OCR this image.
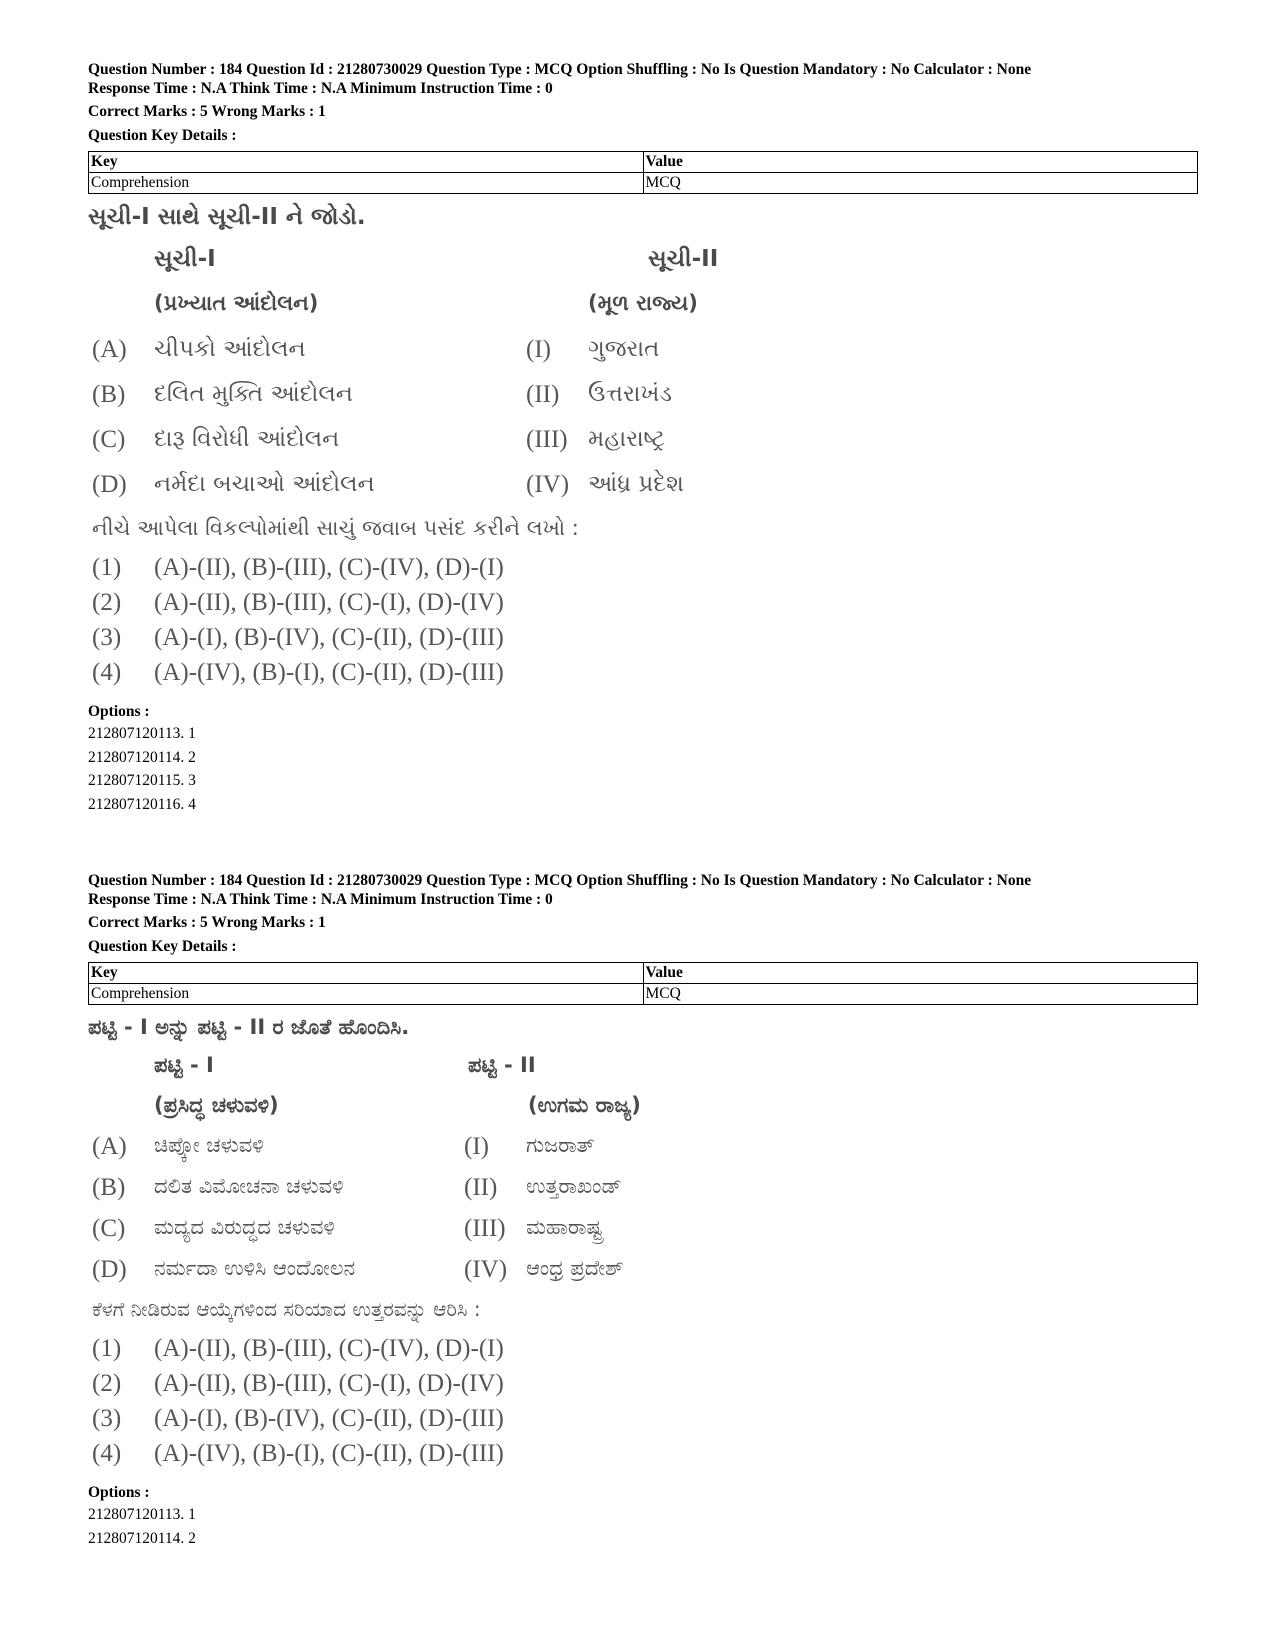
Question Number : 184 Question Id : 21280730029 Question Type : MCQ Option Shuffling : No Is Question Mandatory : No Calculator : None
Response Time : N.A Think Time : N.A Minimum Instruction Time : 0
Correct Marks : 5 Wrong Marks : 1
Question Key Details :
Key	Value
Comprehension	MCQ
સૂચી-I સાથે સૂચી-II ને જોડો.
સૂચી-I	સૂચી-II
(પ્રખ્યાત આંદોલન)	(મૂળ રાજ્ય)
(A) ચીપકો આંદોલન	(I) ગુજરાત
(B) દલિત મુક્તિ આંદોલન	(II) ઉત્તરાખંડ
(C) દારૂ વિરોધી આંદોલન	(III) મહારાષ્ટ્ર
(D) નર્મદા બચાઓ આંદોલન	(IV) આંધ્ર પ્રદેશ
નીચે આપેલા વિકલ્પોમાંથી સાચું જવાબ પસંદ કરીને લખો :
(1) (A)-(II), (B)-(III), (C)-(IV), (D)-(I)
(2) (A)-(II), (B)-(III), (C)-(I), (D)-(IV)
(3) (A)-(I), (B)-(IV), (C)-(II), (D)-(III)
(4) (A)-(IV), (B)-(I), (C)-(II), (D)-(III)
Options :
212807120113. 1
212807120114. 2
212807120115. 3
212807120116. 4
Question Number : 184 Question Id : 21280730029 Question Type : MCQ Option Shuffling : No Is Question Mandatory : No Calculator : None
Response Time : N.A Think Time : N.A Minimum Instruction Time : 0
Correct Marks : 5 Wrong Marks : 1
Question Key Details :
Key	Value
Comprehension	MCQ
ಪಟ್ಟಿ - I ಅನ್ನು ಪಟ್ಟಿ - II ರ ಜೊತೆ ಹೊಂದಿಸಿ.
ಪಟ್ಟಿ - I	ಪಟ್ಟಿ - II
(ಪ್ರಸಿದ್ಧ ಚಳುವಳಿ)	(ಉಗಮ ರಾಜ್ಯ)
(A) ಚಿಪ್ಕೋ ಚಳುವಳಿ	(I) ಗುಜರಾತ್
(B) ದಲಿತ ವಿಮೋಚನಾ ಚಳುವಳಿ	(II) ಉತ್ತರಾಖಂಡ್
(C) ಮದ್ಯದ ವಿರುದ್ಧದ ಚಳುವಳಿ	(III) ಮಹಾರಾಷ್ಟ್ರ
(D) ನರ್ಮದಾ ಉಳಿಸಿ ಆಂದೋಲನ	(IV) ಆಂಧ್ರ ಪ್ರದೇಶ್
ಕೆಳಗೆ ನೀಡಿರುವ ಆಯ್ಕೆಗಳಿಂದ ಸರಿಯಾದ ಉತ್ತರವನ್ನು ಆರಿಸಿ :
(1) (A)-(II), (B)-(III), (C)-(IV), (D)-(I)
(2) (A)-(II), (B)-(III), (C)-(I), (D)-(IV)
(3) (A)-(I), (B)-(IV), (C)-(II), (D)-(III)
(4) (A)-(IV), (B)-(I), (C)-(II), (D)-(III)
Options :
212807120113. 1
212807120114. 2
